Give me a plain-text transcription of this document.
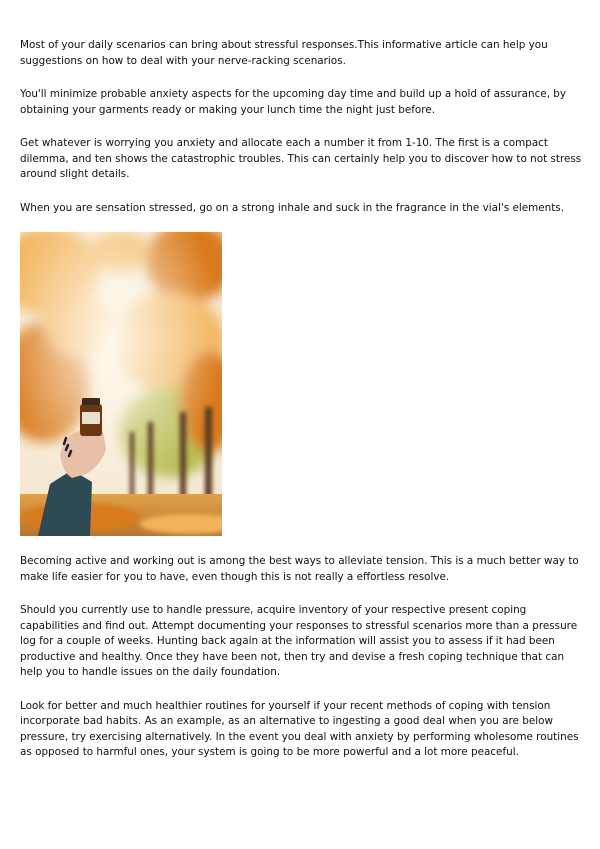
Most of your daily scenarios can bring about stressful responses.This informative article can help you suggestions on how to deal with your nerve-racking scenarios.

You'll minimize probable anxiety aspects for the upcoming day time and build up a hold of assurance, by obtaining your garments ready or making your lunch time the night just before.

Get whatever is worrying you anxiety and allocate each a number it from 1-10. The first is a compact dilemma, and ten shows the catastrophic troubles. This can certainly help you to discover how to not stress around slight details.

When you are sensation stressed, go on a strong inhale and suck in the fragrance in the vial's elements.

Becoming active and working out is among the best ways to alleviate tension. This is a much better way to make life easier for you to have, even though this is not really a effortless resolve.

Should you currently use to handle pressure, acquire inventory of your respective present coping capabilities and find out. Attempt documenting your responses to stressful scenarios more than a pressure log for a couple of weeks. Hunting back again at the information will assist you to assess if it had been productive and healthy. Once they have been not, then try and devise a fresh coping technique that can help you to handle issues on the daily foundation.

Look for better and much healthier routines for yourself if your recent methods of coping with tension incorporate bad habits. As an example, as an alternative to ingesting a good deal when you are below pressure, try exercising alternatively. In the event you deal with anxiety by performing wholesome routines as opposed to harmful ones, your system is going to be more powerful and a lot more peaceful.
